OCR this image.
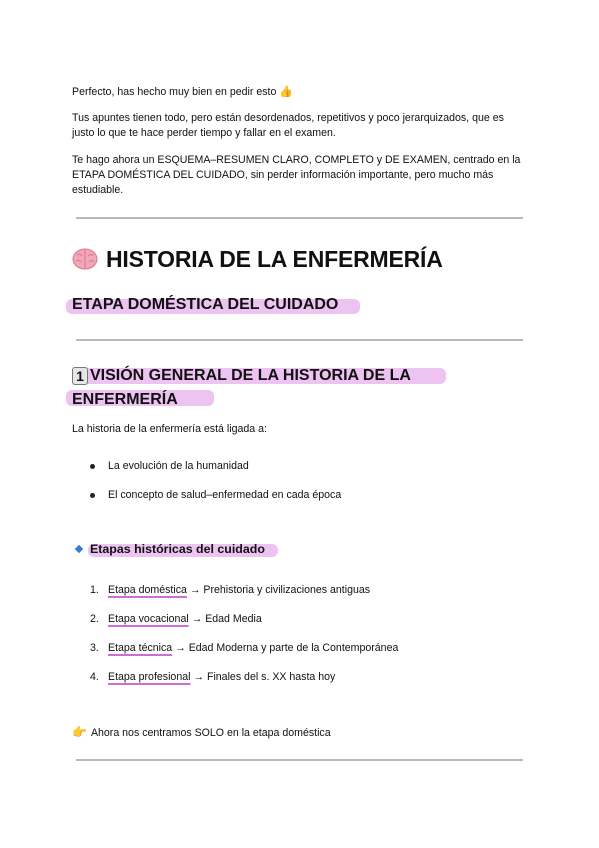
Perfecto, has hecho muy bien en pedir esto 👍

Tus apuntes tienen todo, pero están desordenados, repetitivos y poco jerarquizados, que es justo lo que te hace perder tiempo y fallar en el examen.

Te hago ahora un ESQUEMA–RESUMEN CLARO, COMPLETO y DE EXAMEN, centrado en la ETAPA DOMÉSTICA DEL CUIDADO, sin perder información importante, pero mucho más estudiable.

HISTORIA DE LA ENFERMERÍA
ETAPA DOMÉSTICA DEL CUIDADO
1 VISIÓN GENERAL DE LA HISTORIA DE LA ENFERMERÍA

La historia de la enfermería está ligada a:

La evolución de la humanidad
El concepto de salud–enfermedad en cada época
Etapas históricas del cuidado
1. Etapa doméstica → Prehistoria y civilizaciones antiguas
2. Etapa vocacional → Edad Media
3. Etapa técnica → Edad Moderna y parte de la Contemporánea
4. Etapa profesional → Finales del s. XX hasta hoy

👉 Ahora nos centramos SOLO en la etapa doméstica
